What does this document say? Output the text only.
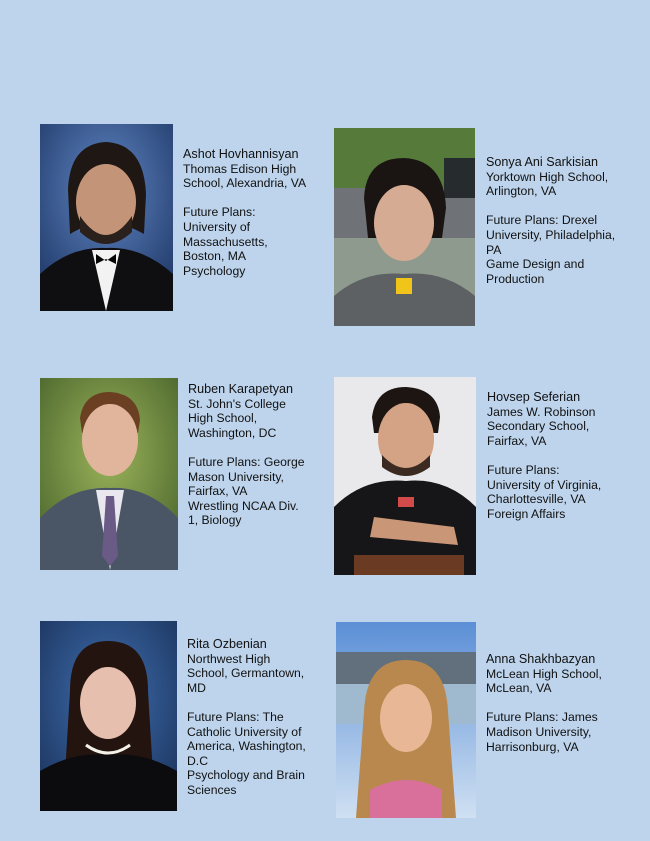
Ashot Hovhannisyan
Thomas Edison High School, Alexandria, VA
Future Plans:
University of Massachusetts, Boston, MA
Psychology
Sonya Ani Sarkisian
Yorktown High School, Arlington, VA
Future Plans: Drexel
University, Philadelphia, PA
Game Design and Production
Ruben Karapetyan
St. John's College High School, Washington, DC
Future Plans: George
Mason University, Fairfax, VA
Wrestling NCAA Div. 1, Biology
Hovsep Seferian
James W. Robinson Secondary School, Fairfax, VA
Future Plans:
University of Virginia, Charlottesville, VA
Foreign Affairs
Rita Ozbenian
Northwest High School, Germantown, MD
Future Plans: The
Catholic University of America, Washington, D.C
Psychology and Brain Sciences
Anna Shakhbazyan
McLean High School, McLean, VA
Future Plans: James
Madison University, Harrisonburg, VA
